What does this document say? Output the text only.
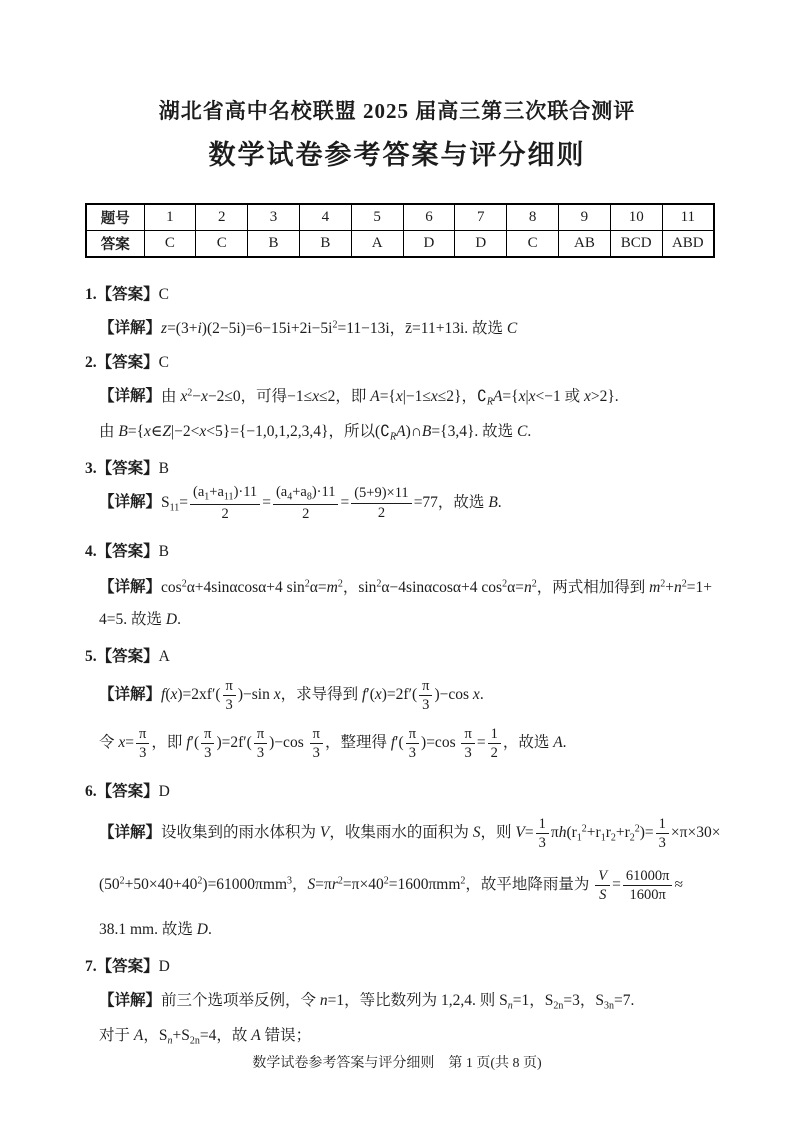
湖北省高中名校联盟 2025 届高三第三次联合测评
数学试卷参考答案与评分细则
题号	1	2	3	4	5	6	7	8	9	10	11
答案	C	C	B	B	A	D	D	C	AB	BCD	ABD
1.【答案】C
【详解】$z=(3+i)(2-5i)=6-15i+2i-5i^2=11-13i$，z̄=11+13i. 故选 C
2.【答案】C
【详解】由 $x^2-x-2\le 0$，可得−1≤x≤2，即 A={x|−1≤x≤2}，$∁_RA=\{x|x<-1$ 或 x>2}.
由 B={x∈Z|−2<x<5}={−1,0,1,2,3,4}，所以$(∁_RA)\cap B=\{3,4\}$. 故选 C.
3.【答案】B
【详解】$S_{11}= \frac{(a_1+a_{11})\cdot 11}{2} = \frac{(a_4+a_8)\cdot 11}{2} = \frac{(5+9)\times 11}{2} =77$，故选 B.
4.【答案】B
【详解】$\cos^2\alpha+4\sin\alpha\cos\alpha+4$ $\sin^2\alpha=m^2$，$\sin^2\alpha-4\sin\alpha\cos\alpha+4$ $\cos^2\alpha=n^2$，两式相加得到 $m^2+n^2=1+$
4=5. 故选 D.
5.【答案】A
【详解】$f(x)=2xf'( \frac{\pi}{3} )-\sin$ x，求导得到 $f'(x)=2f'( \frac{\pi}{3} )-\cos$ x.
令 $x= \frac{\pi}{3}$ ，即 $f'( \frac{\pi}{3} )=2f'( \frac{\pi}{3} )-\cos \frac{\pi}{3}$ ，整理得 $f'( \frac{\pi}{3} )=\cos \frac{\pi}{3} = \frac{1}{2}$ ，故选 A.
6.【答案】D
【详解】设收集到的雨水体积为 V，收集雨水的面积为 S，则 $V= \frac{1}{3} \pi h(r_1^2+r_1r_2+r_2^2)= \frac{1}{3} \times\pi\times 30\times$
$(50^2+50\times 40+40^2)=61000\pi mm^3$，$S=\pi r^2=\pi\times 40^2=1600\pi mm^2$，故平地降雨量为 $\frac{V}{S} = \frac{61000\pi}{1600\pi}$ ≈
38.1 mm. 故选 D.
7.【答案】D
【详解】前三个选项举反例，令 n=1，等比数列为 1,2,4. 则 $S_n=1$，$S_{2n}=3$，$S_{3n}=7$.
对于 A，$S_n+S_{2n}=4$，故 A 错误；
数学试卷参考答案与评分细则　第 1 页(共 8 页)
